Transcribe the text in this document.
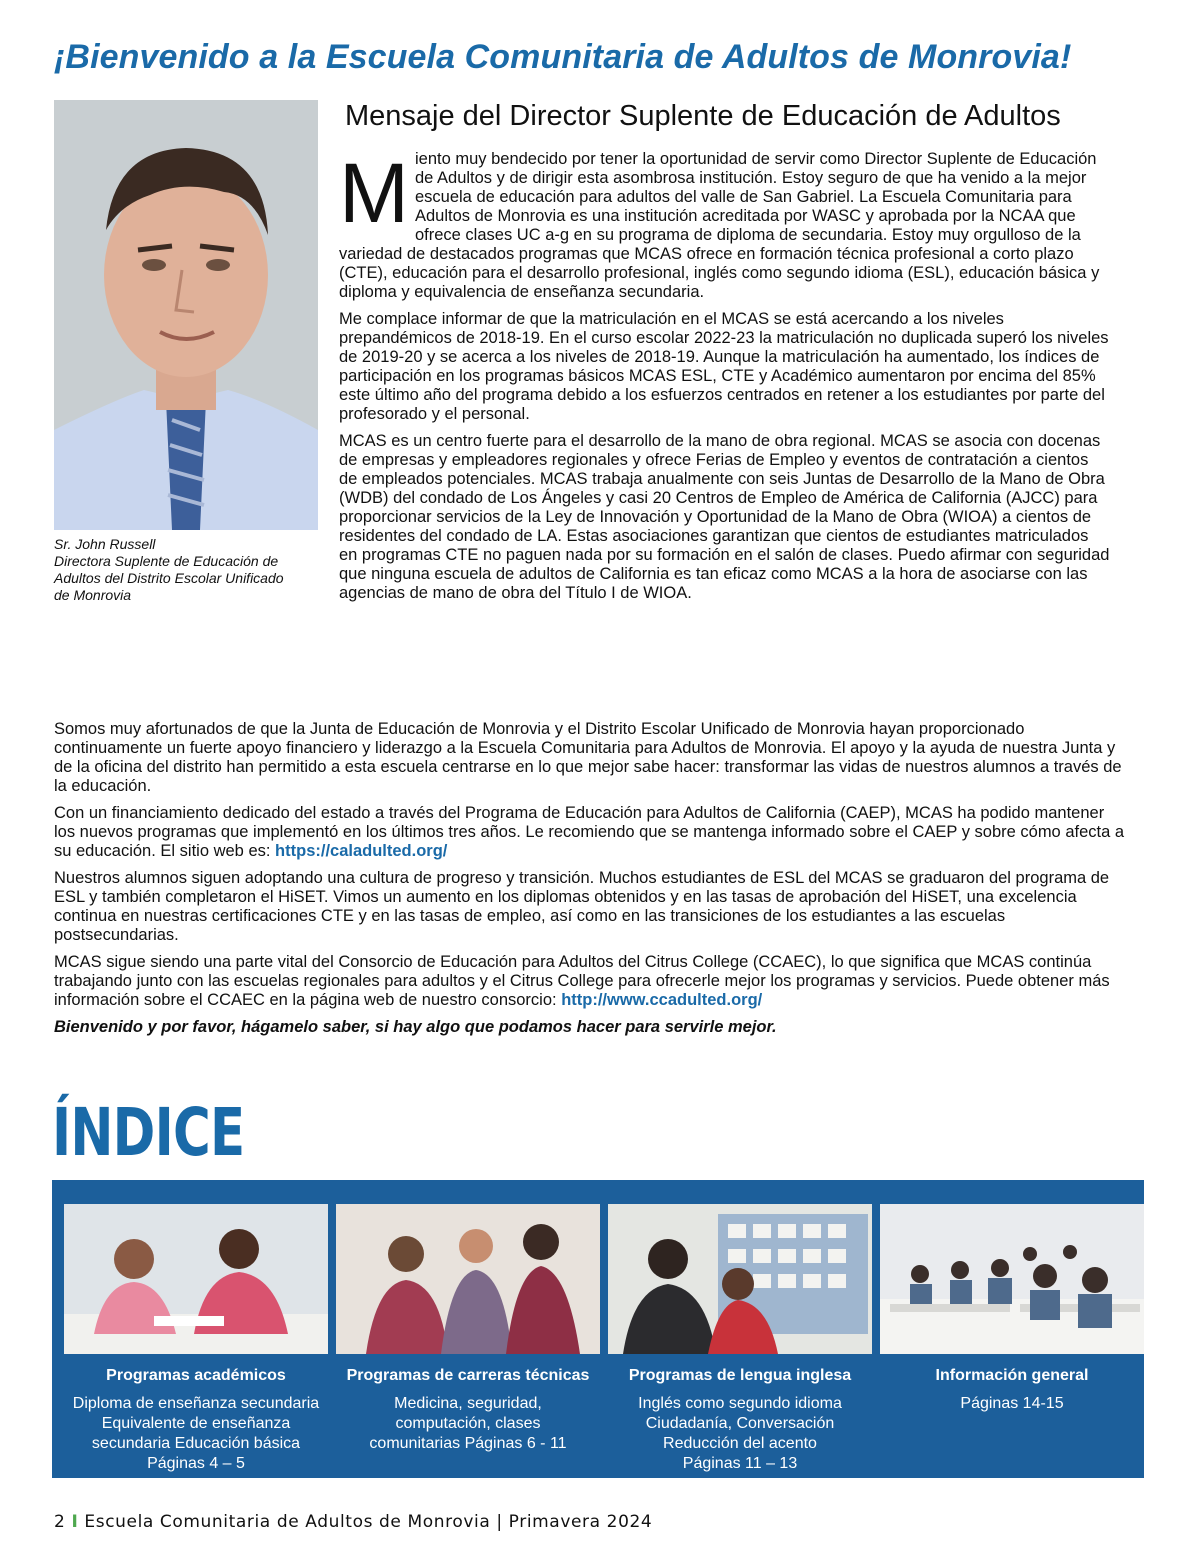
¡Bienvenido a la Escuela Comunitaria de Adultos de Monrovia!
Sr. John Russell
Directora Suplente de Educación de
Adultos del Distrito Escolar Unificado
de Monrovia
Mensaje del Director Suplente de Educación de Adultos

Miento muy bendecido por tener la oportunidad de servir como Director Suplente de Educación de Adultos y de dirigir esta asombrosa institución. Estoy seguro de que ha venido a la mejor escuela de educación para adultos del valle de San Gabriel. La Escuela Comunitaria para Adultos de Monrovia es una institución acreditada por WASC y aprobada por la NCAA que ofrece clases UC a-g en su programa de diploma de secundaria. Estoy muy orgulloso de la variedad de destacados programas que MCAS ofrece en formación técnica profesional a corto plazo (CTE), educación para el desarrollo profesional, inglés como segundo idioma (ESL), educación básica y diploma y equivalencia de enseñanza secundaria.

Me complace informar de que la matriculación en el MCAS se está acercando a los niveles prepandémicos de 2018-19. En el curso escolar 2022-23 la matriculación no duplicada superó los niveles de 2019-20 y se acerca a los niveles de 2018-19. Aunque la matriculación ha aumentado, los índices de participación en los programas básicos MCAS ESL, CTE y Académico aumentaron por encima del 85% este último año del programa debido a los esfuerzos centrados en retener a los estudiantes por parte del profesorado y el personal.

MCAS es un centro fuerte para el desarrollo de la mano de obra regional. MCAS se asocia con docenas de empresas y empleadores regionales y ofrece Ferias de Empleo y eventos de contratación a cientos de empleados potenciales. MCAS trabaja anualmente con seis Juntas de Desarrollo de la Mano de Obra (WDB) del condado de Los Ángeles y casi 20 Centros de Empleo de América de California (AJCC) para proporcionar servicios de la Ley de Innovación y Oportunidad de la Mano de Obra (WIOA) a cientos de residentes del condado de LA. Estas asociaciones garantizan que cientos de estudiantes matriculados en programas CTE no paguen nada por su formación en el salón de clases. Puedo afirmar con seguridad que ninguna escuela de adultos de California es tan eficaz como MCAS a la hora de asociarse con las agencias de mano de obra del Título I de WIOA.

Somos muy afortunados de que la Junta de Educación de Monrovia y el Distrito Escolar Unificado de Monrovia hayan proporcionado continuamente un fuerte apoyo financiero y liderazgo a la Escuela Comunitaria para Adultos de Monrovia. El apoyo y la ayuda de nuestra Junta y de la oficina del distrito han permitido a esta escuela centrarse en lo que mejor sabe hacer: transformar las vidas de nuestros alumnos a través de la educación.

Con un financiamiento dedicado del estado a través del Programa de Educación para Adultos de California (CAEP), MCAS ha podido mantener los nuevos programas que implementó en los últimos tres años. Le recomiendo que se mantenga informado sobre el CAEP y sobre cómo afecta a su educación. El sitio web es: https://caladulted.org/

Nuestros alumnos siguen adoptando una cultura de progreso y transición. Muchos estudiantes de ESL del MCAS se graduaron del programa de ESL y también completaron el HiSET. Vimos un aumento en los diplomas obtenidos y en las tasas de aprobación del HiSET, una excelencia continua en nuestras certificaciones CTE y en las tasas de empleo, así como en las transiciones de los estudiantes a las escuelas postsecundarias.

MCAS sigue siendo una parte vital del Consorcio de Educación para Adultos del Citrus College (CCAEC), lo que significa que MCAS continúa trabajando junto con las escuelas regionales para adultos y el Citrus College para ofrecerle mejor los programas y servicios. Puede obtener más información sobre el CCAEC en la página web de nuestro consorcio: http://www.ccadulted.org/

Bienvenido y por favor, hágamelo saber, si hay algo que podamos hacer para servirle mejor.

ÍNDICE
Programas académicos
Diploma de enseñanza secundaria
Equivalente de enseñanza
secundaria Educación básica
Páginas 4 – 5
Programas de carreras técnicas
Medicina, seguridad,
computación, clases
comunitarias Páginas 6 - 11
Programas de lengua inglesa
Inglés como segundo idioma
Ciudadanía, Conversación
Reducción del acento
Páginas 11 – 13
Información general
Páginas 14-15
2 I Escuela Comunitaria de Adultos de Monrovia | Primavera 2024
